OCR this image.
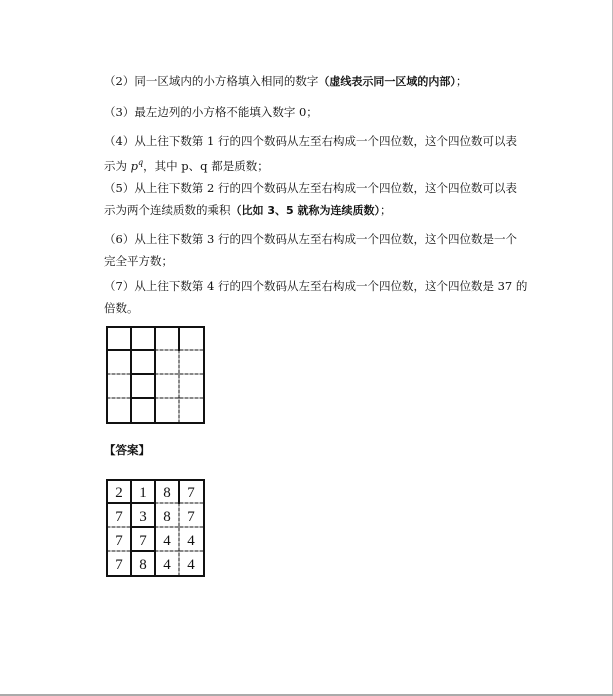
（2）同一区域内的小方格填入相同的数字（虚线表示同一区域的内部）；
（3）最左边列的小方格不能填入数字 0；
（4）从上往下数第 1 行的四个数码从左至右构成一个四位数，这个四位数可以表
示为 $p^q$，其中 p、q 都是质数；
（5）从上往下数第 2 行的四个数码从左至右构成一个四位数，这个四位数可以表
示为两个连续质数的乘积（比如 3、5 就称为连续质数）；
（6）从上往下数第 3 行的四个数码从左至右构成一个四位数，这个四位数是一个
完全平方数；
（7）从上往下数第 4 行的四个数码从左至右构成一个四位数，这个四位数是 37 的
倍数。
【答案】
2 1 8 7
7 3 8 7
7 7 4 4
7 8 4 4
